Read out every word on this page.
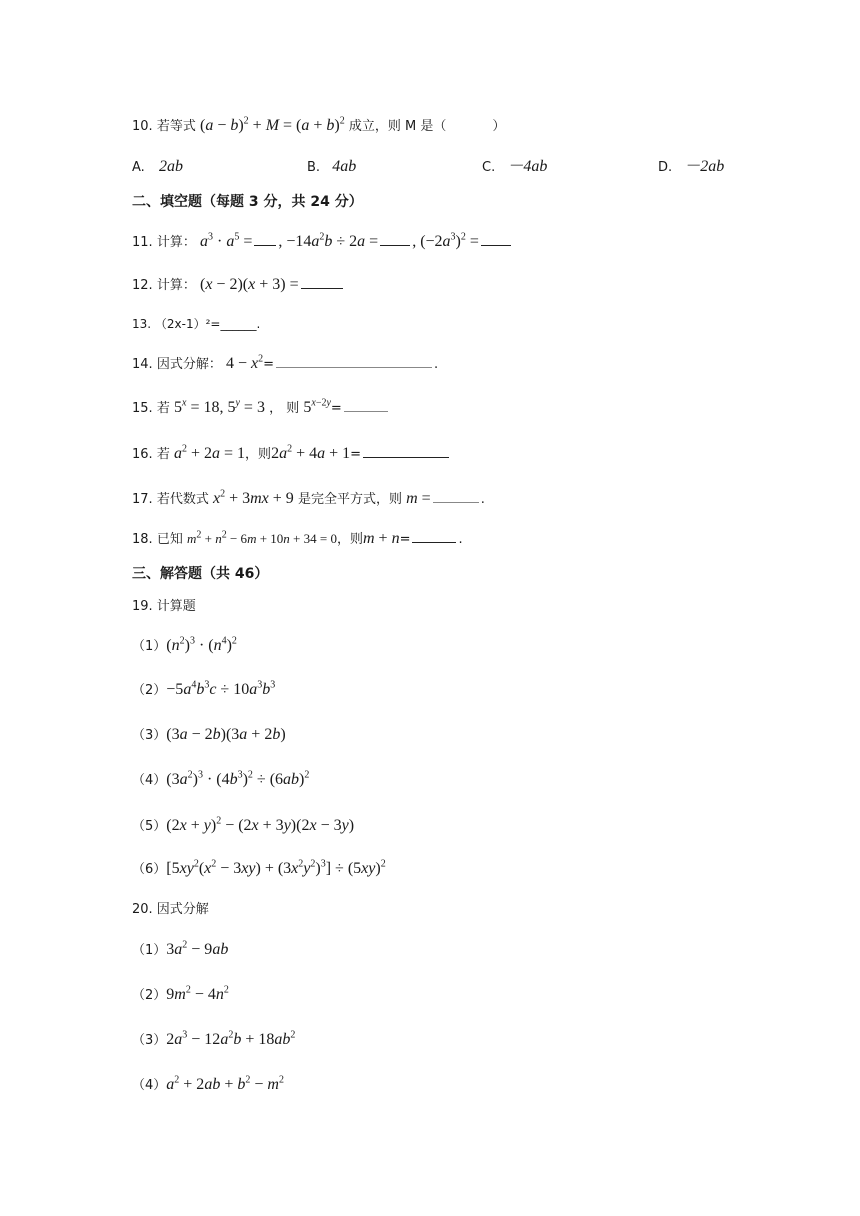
10. 若等式 $(a - b)^2 + M = (a + b)^2$ 成立，则 M 是（	）
A. 2ab	B. 4ab	C. －4ab	D. －2ab
二、填空题（每题 3 分，共 24 分）
11. 计算： $a^3 \cdot a^5$ = , $-14a^2b \div 2a$ = , $(-2a^3)^2$ =
12. 计算： (x − 2)(x + 3) =
13. （2x-1）²=______.
14. 因式分解： $4 - x^2=$	.
15. 若 $5^x = 18$, $5^y = 3$ ， 则 $5^{x-2y}=$
16. 若 $a^2 + 2a = 1$，则$2a^2 + 4a + 1=$
17. 若代数式 $x^2 + 3mx + 9$ 是完全平方式，则 m =	.
18. 已知 $m^2 + n^2 - 6m + 10n + 34 = 0$，则m + n=	.
三、解答题（共 46）
19. 计算题
$(1)(n^2)^3 \cdot (n^4)^2$
$(2)-5a^4b^3c \div 10a^3b^3$
（3）(3a − 2b)(3a + 2b)
$(4)(3a^2)^3 \cdot (4b^3)^2 \div (6ab)^2$
$(5)(2x + y)^2 - (2x + 3y)(2x - 3y)$
$(6)[5xy^2(x^2 - 3xy) + (3x^2y^2)^3] \div (5xy)^2$
20. 因式分解
$(1)3a^2 - 9ab$
$(2)9m^2 - 4n^2$
$(3)2a^3 - 12a^2b + 18ab^2$
$(4)a^2 + 2ab + b^2 - m^2$
